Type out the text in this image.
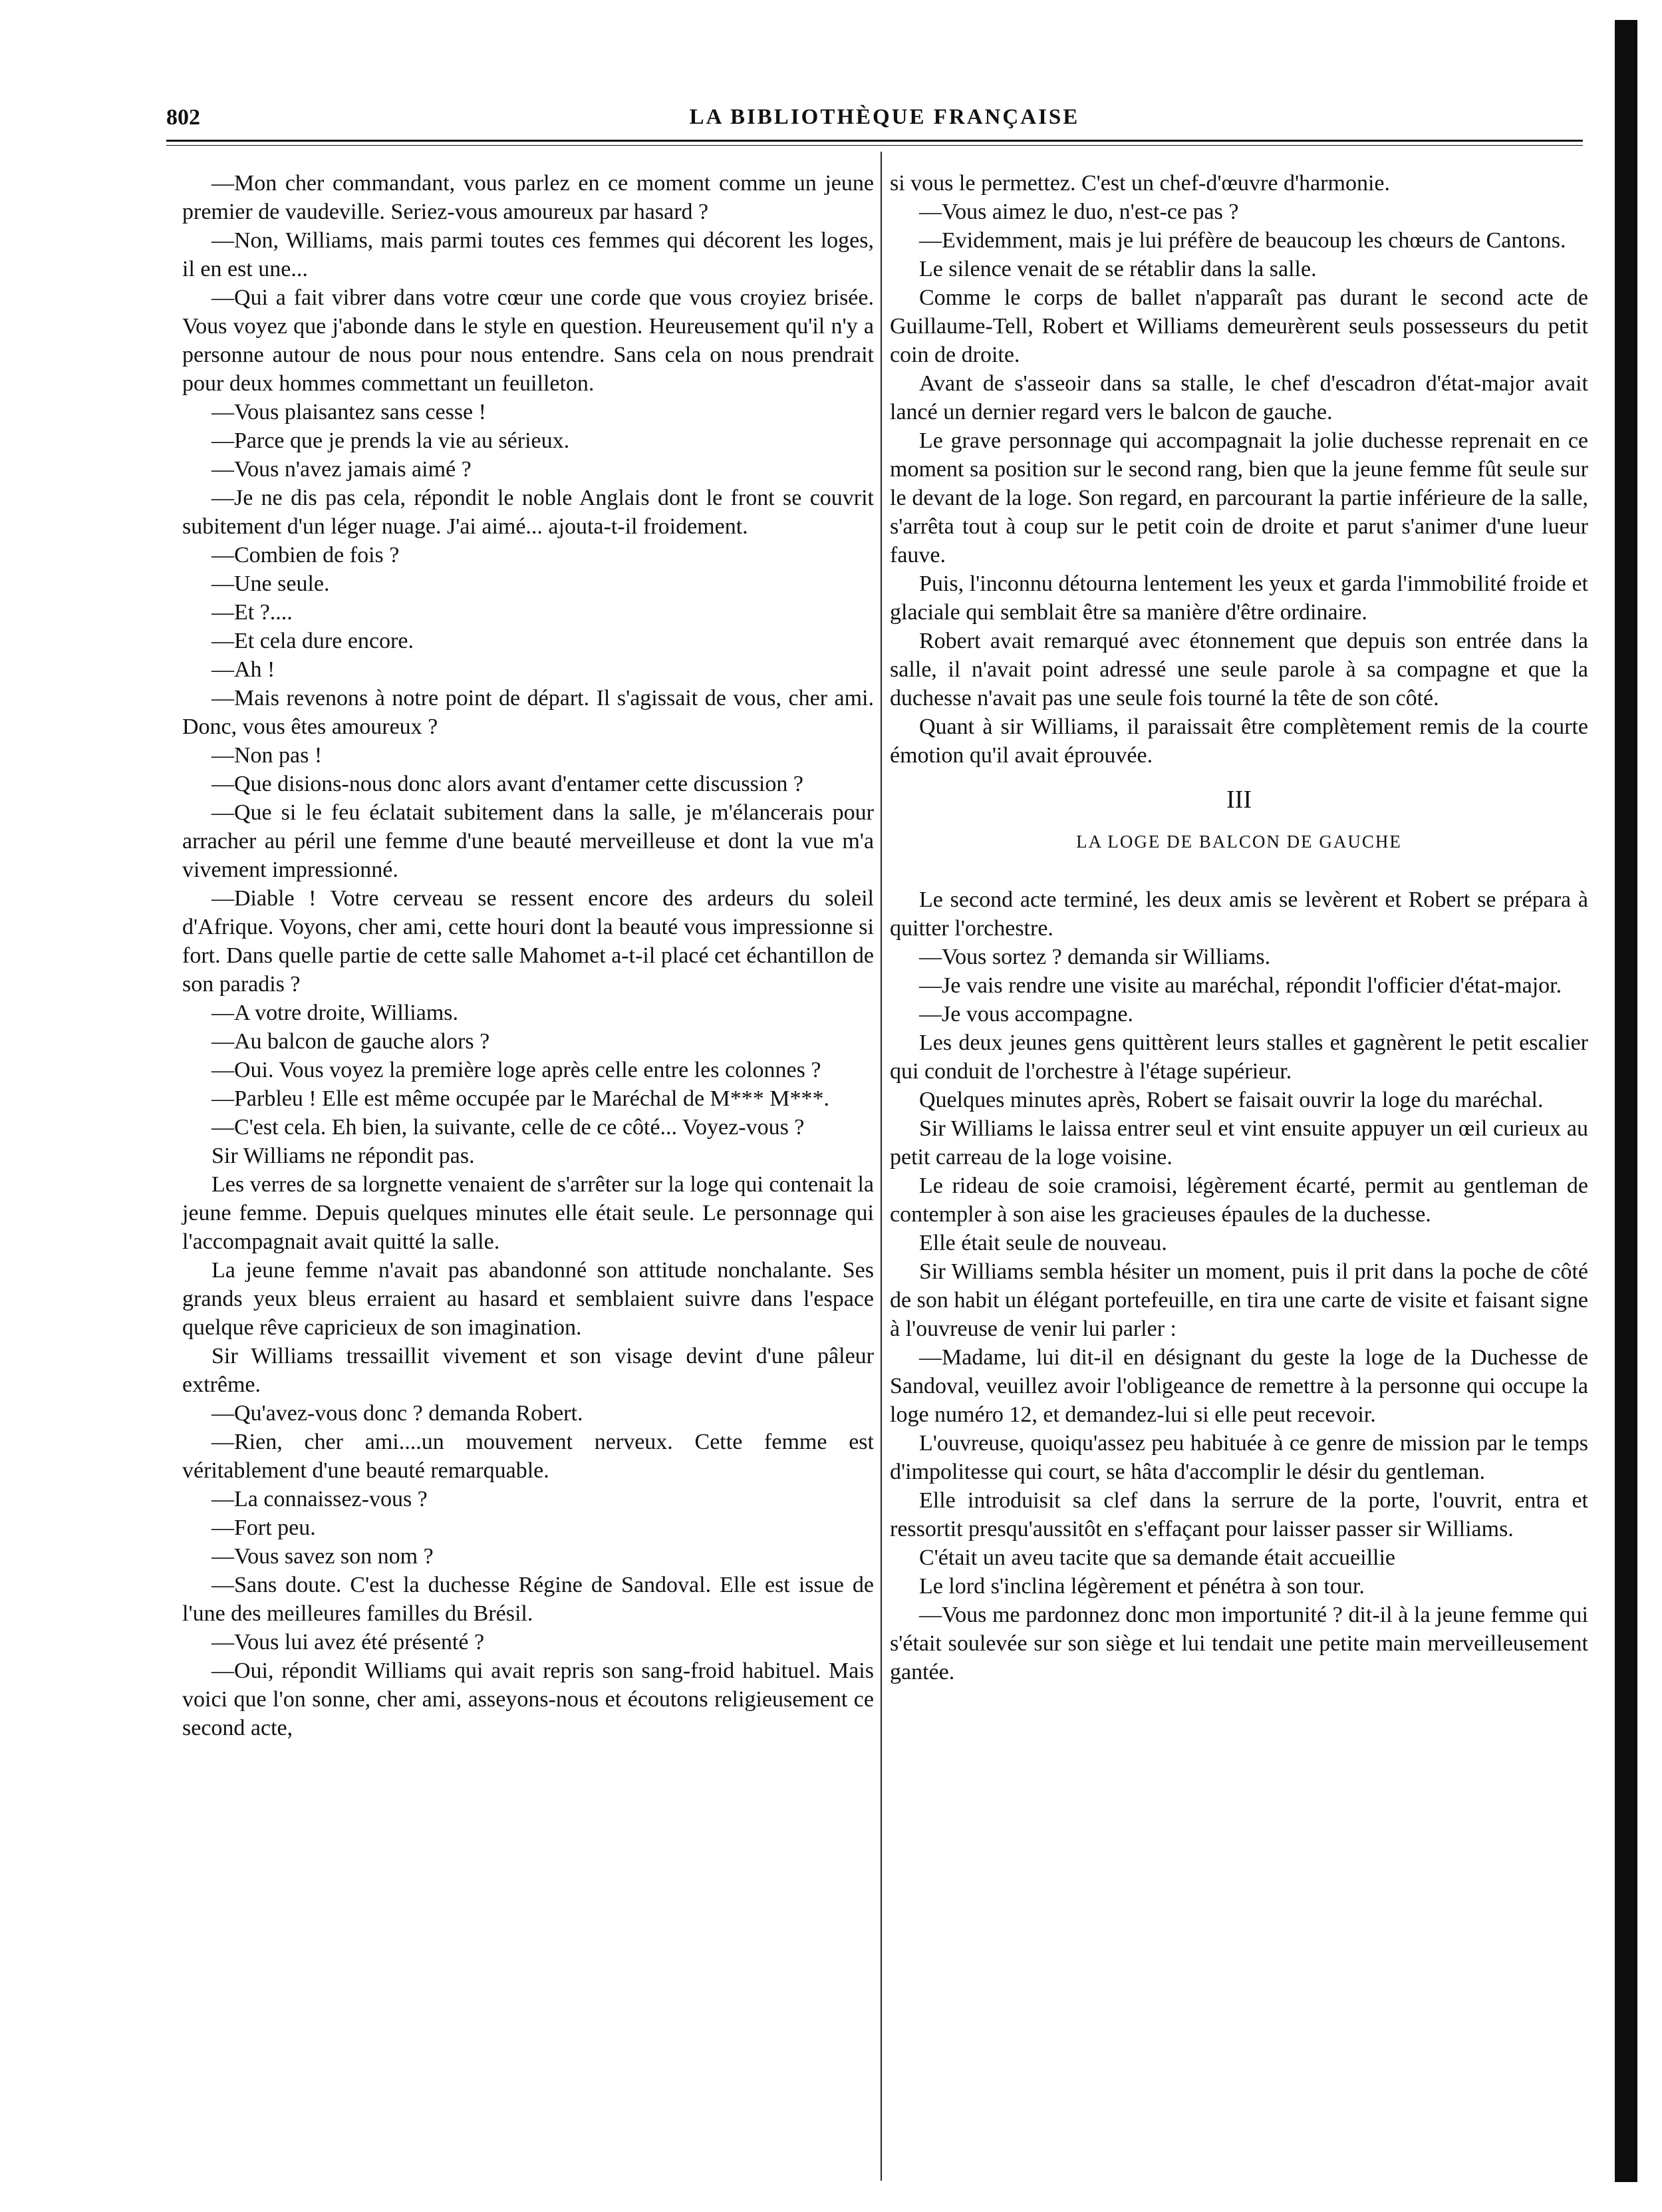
802	LA BIBLIOTHÈQUE FRANÇAISE

—Mon cher commandant, vous parlez en ce moment comme un jeune premier de vaudeville. Seriez-vous amoureux par hasard ?

—Non, Williams, mais parmi toutes ces femmes qui décorent les loges, il en est une...

—Qui a fait vibrer dans votre cœur une corde que vous croyiez brisée. Vous voyez que j'abonde dans le style en question. Heureusement qu'il n'y a personne autour de nous pour nous entendre. Sans cela on nous prendrait pour deux hommes commettant un feuilleton.

—Vous plaisantez sans cesse !

—Parce que je prends la vie au sérieux.

—Vous n'avez jamais aimé ?

—Je ne dis pas cela, répondit le noble Anglais dont le front se couvrit subitement d'un léger nuage. J'ai aimé... ajouta-t-il froidement.

—Combien de fois ?

—Une seule.

—Et ?....

—Et cela dure encore.

—Ah !

—Mais revenons à notre point de départ. Il s'agissait de vous, cher ami. Donc, vous êtes amoureux ?

—Non pas !

—Que disions-nous donc alors avant d'entamer cette discussion ?

—Que si le feu éclatait subitement dans la salle, je m'élancerais pour arracher au péril une femme d'une beauté merveilleuse et dont la vue m'a vivement impressionné.

—Diable ! Votre cerveau se ressent encore des ardeurs du soleil d'Afrique. Voyons, cher ami, cette houri dont la beauté vous impressionne si fort. Dans quelle partie de cette salle Mahomet a-t-il placé cet échantillon de son paradis ?

—A votre droite, Williams.

—Au balcon de gauche alors ?

—Oui. Vous voyez la première loge après celle entre les colonnes ?

—Parbleu ! Elle est même occupée par le Maréchal de M*** M***.

—C'est cela. Eh bien, la suivante, celle de ce côté... Voyez-vous ?

Sir Williams ne répondit pas.

Les verres de sa lorgnette venaient de s'arrêter sur la loge qui contenait la jeune femme. Depuis quelques minutes elle était seule. Le personnage qui l'accompagnait avait quitté la salle.

La jeune femme n'avait pas abandonné son attitude nonchalante. Ses grands yeux bleus erraient au hasard et semblaient suivre dans l'espace quelque rêve capricieux de son imagination.

Sir Williams tressaillit vivement et son visage devint d'une pâleur extrême.

—Qu'avez-vous donc ? demanda Robert.

—Rien, cher ami....un mouvement nerveux. Cette femme est véritablement d'une beauté remarquable.

—La connaissez-vous ?

—Fort peu.

—Vous savez son nom ?

—Sans doute. C'est la duchesse Régine de Sandoval. Elle est issue de l'une des meilleures familles du Brésil.

—Vous lui avez été présenté ?

—Oui, répondit Williams qui avait repris son sang-froid habituel. Mais voici que l'on sonne, cher ami, asseyons-nous et écoutons religieusement ce second acte,

si vous le permettez. C'est un chef-d'œuvre d'harmonie.

—Vous aimez le duo, n'est-ce pas ?

—Evidemment, mais je lui préfère de beaucoup les chœurs de Cantons.

Le silence venait de se rétablir dans la salle.

Comme le corps de ballet n'apparaît pas durant le second acte de Guillaume-Tell, Robert et Williams demeurèrent seuls possesseurs du petit coin de droite.

Avant de s'asseoir dans sa stalle, le chef d'escadron d'état-major avait lancé un dernier regard vers le balcon de gauche.

Le grave personnage qui accompagnait la jolie duchesse reprenait en ce moment sa position sur le second rang, bien que la jeune femme fût seule sur le devant de la loge. Son regard, en parcourant la partie inférieure de la salle, s'arrêta tout à coup sur le petit coin de droite et parut s'animer d'une lueur fauve.

Puis, l'inconnu détourna lentement les yeux et garda l'immobilité froide et glaciale qui semblait être sa manière d'être ordinaire.

Robert avait remarqué avec étonnement que depuis son entrée dans la salle, il n'avait point adressé une seule parole à sa compagne et que la duchesse n'avait pas une seule fois tourné la tête de son côté.

Quant à sir Williams, il paraissait être complètement remis de la courte émotion qu'il avait éprouvée.

III

LA LOGE DE BALCON DE GAUCHE

Le second acte terminé, les deux amis se levèrent et Robert se prépara à quitter l'orchestre.

—Vous sortez ? demanda sir Williams.

—Je vais rendre une visite au maréchal, répondit l'officier d'état-major.

—Je vous accompagne.

Les deux jeunes gens quittèrent leurs stalles et gagnèrent le petit escalier qui conduit de l'orchestre à l'étage supérieur.

Quelques minutes après, Robert se faisait ouvrir la loge du maréchal.

Sir Williams le laissa entrer seul et vint ensuite appuyer un œil curieux au petit carreau de la loge voisine.

Le rideau de soie cramoisi, légèrement écarté, permit au gentleman de contempler à son aise les gracieuses épaules de la duchesse.

Elle était seule de nouveau.

Sir Williams sembla hésiter un moment, puis il prit dans la poche de côté de son habit un élégant portefeuille, en tira une carte de visite et faisant signe à l'ouvreuse de venir lui parler :

—Madame, lui dit-il en désignant du geste la loge de la Duchesse de Sandoval, veuillez avoir l'obligeance de remettre à la personne qui occupe la loge numéro 12, et demandez-lui si elle peut recevoir.

L'ouvreuse, quoiqu'assez peu habituée à ce genre de mission par le temps d'impolitesse qui court, se hâta d'accomplir le désir du gentleman.

Elle introduisit sa clef dans la serrure de la porte, l'ouvrit, entra et ressortit presqu'aussitôt en s'effaçant pour laisser passer sir Williams.

C'était un aveu tacite que sa demande était accueillie

Le lord s'inclina légèrement et pénétra à son tour.

—Vous me pardonnez donc mon importunité ? dit-il à la jeune femme qui s'était soulevée sur son siège et lui tendait une petite main merveilleusement gantée.
